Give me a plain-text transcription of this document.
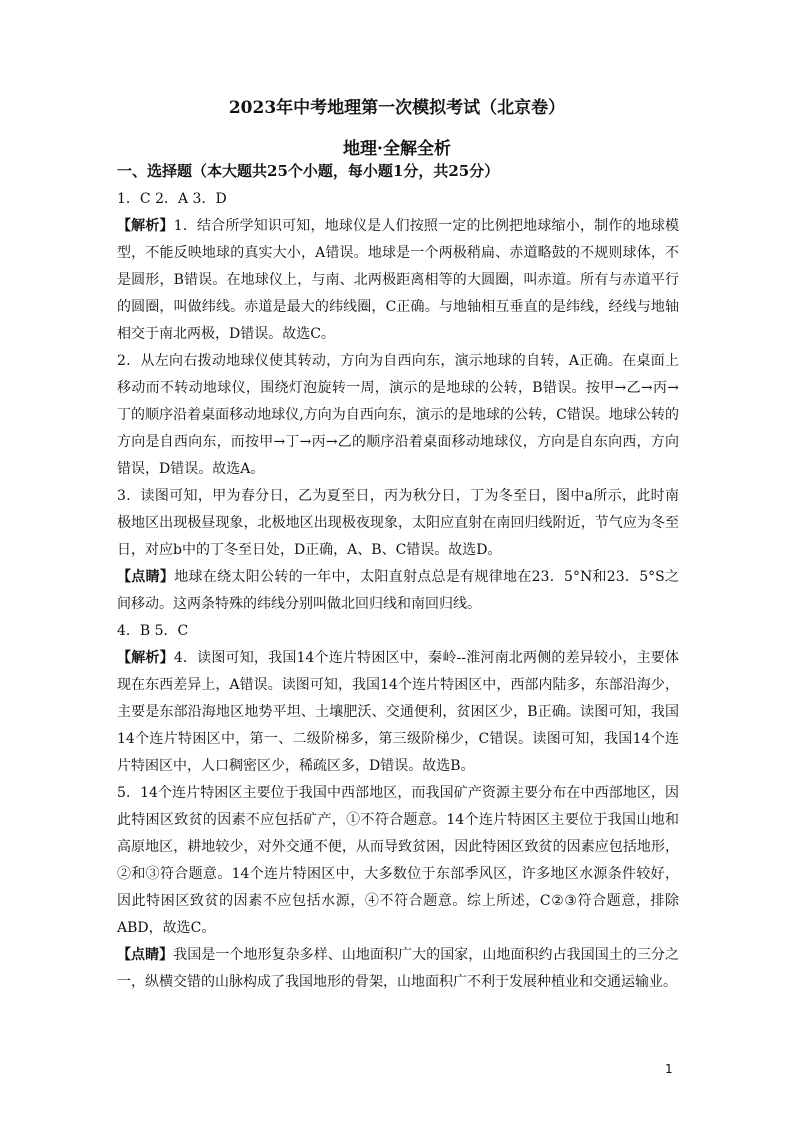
2023年中考地理第一次模拟考试（北京卷）
地理·全解全析
一、选择题（本大题共25个小题，每小题1分，共25分）

1．C 2．A 3．D

【解析】1．结合所学知识可知，地球仪是人们按照一定的比例把地球缩小，制作的地球模型，不能反映地球的真实大小，A错误。地球是一个两极稍扁、赤道略鼓的不规则球体，不是圆形，B错误。在地球仪上，与南、北两极距离相等的大圆圈，叫赤道。所有与赤道平行的圆圈，叫做纬线。赤道是最大的纬线圈，C正确。与地轴相互垂直的是纬线，经线与地轴相交于南北两极，D错误。故选C。

2．从左向右拨动地球仪使其转动，方向为自西向东，演示地球的自转，A正确。在桌面上移动而不转动地球仪，围绕灯泡旋转一周，演示的是地球的公转，B错误。按甲→乙→丙→丁的顺序沿着桌面移动地球仪,方向为自西向东，演示的是地球的公转，C错误。地球公转的方向是自西向东，而按甲→丁→丙→乙的顺序沿着桌面移动地球仪，方向是自东向西，方向错误，D错误。故选A。

3．读图可知，甲为春分日，乙为夏至日，丙为秋分日，丁为冬至日，图中a所示，此时南极地区出现极昼现象，北极地区出现极夜现象，太阳应直射在南回归线附近，节气应为冬至日，对应b中的丁冬至日处，D正确，A、B、C错误。故选D。

【点睛】地球在绕太阳公转的一年中，太阳直射点总是有规律地在23．5°N和23．5°S之间移动。这两条特殊的纬线分别叫做北回归线和南回归线。

4．B 5．C

【解析】4．读图可知，我国14个连片特困区中，秦岭--淮河南北两侧的差异较小，主要体现在东西差异上，A错误。读图可知，我国14个连片特困区中，西部内陆多，东部沿海少，主要是东部沿海地区地势平坦、土壤肥沃、交通便利，贫困区少，B正确。读图可知，我国14个连片特困区中，第一、二级阶梯多，第三级阶梯少，C错误。读图可知，我国14个连片特困区中，人口稠密区少，稀疏区多，D错误。故选B。

5．14个连片特困区主要位于我国中西部地区，而我国矿产资源主要分布在中西部地区，因此特困区致贫的因素不应包括矿产，①不符合题意。14个连片特困区主要位于我国山地和高原地区，耕地较少，对外交通不便，从而导致贫困，因此特困区致贫的因素应包括地形，②和③符合题意。14个连片特困区中，大多数位于东部季风区，许多地区水源条件较好，因此特困区致贫的因素不应包括水源，④不符合题意。综上所述，C②③符合题意，排除ABD，故选C。

【点睛】我国是一个地形复杂多样、山地面积广大的国家，山地面积约占我国国土的三分之一，纵横交错的山脉构成了我国地形的骨架，山地面积广不利于发展种植业和交通运输业。

1
